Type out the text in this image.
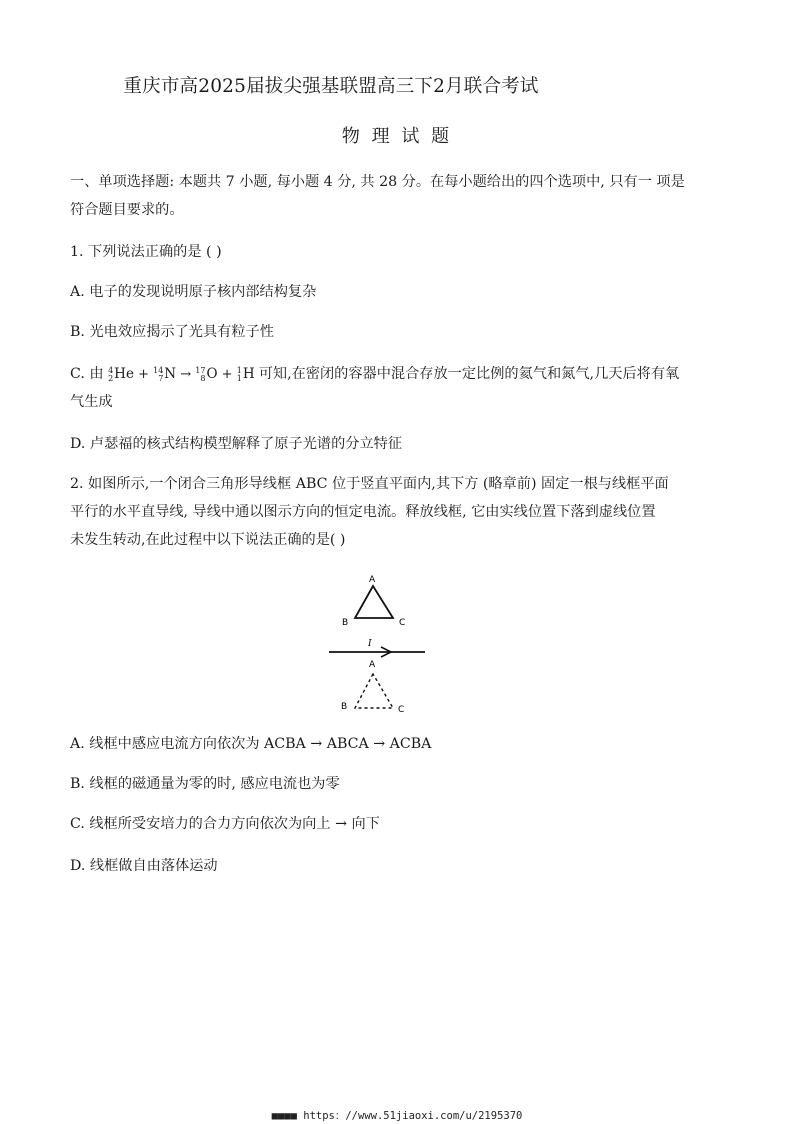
重庆市高2025届拔尖强基联盟高三下2月联合考试
物 理 试 题
一、单项选择题: 本题共 7 小题, 每小题 4 分, 共 28 分。在每小题给出的四个选项中, 只有一 项是
符合题目要求的。
1. 下列说法正确的是 ( )
A. 电子的发现说明原子核内部结构复杂
B. 光电效应揭示了光具有粒子性
C. 由 4
2 He + 14
7 N → 17
8 O + 1
1 H 可知,在密闭的容器中混合存放一定比例的氦气和氮气,几天后将有氧
气生成
D. 卢瑟福的核式结构模型解释了原子光谱的分立特征
2. 如图所示,一个闭合三角形导线框 ABC 位于竖直平面内,其下方 (略章前) 固定一根与线框平面
平行的水平直导线, 导线中通以图示方向的恒定电流。释放线框, 它由实线位置下落到虚线位置
未发生转动,在此过程中以下说法正确的是( )
A
B	C
I
A
B	C
A. 线框中感应电流方向依次为 ACBA → ABCA → ACBA
B. 线框的磁通量为零的时, 感应电流也为零
C. 线框所受安培力的合力方向依次为向上 → 向下
D. 线框做自由落体运动
■■■■ https：//www.51jiaoxi.com/u/2195370
